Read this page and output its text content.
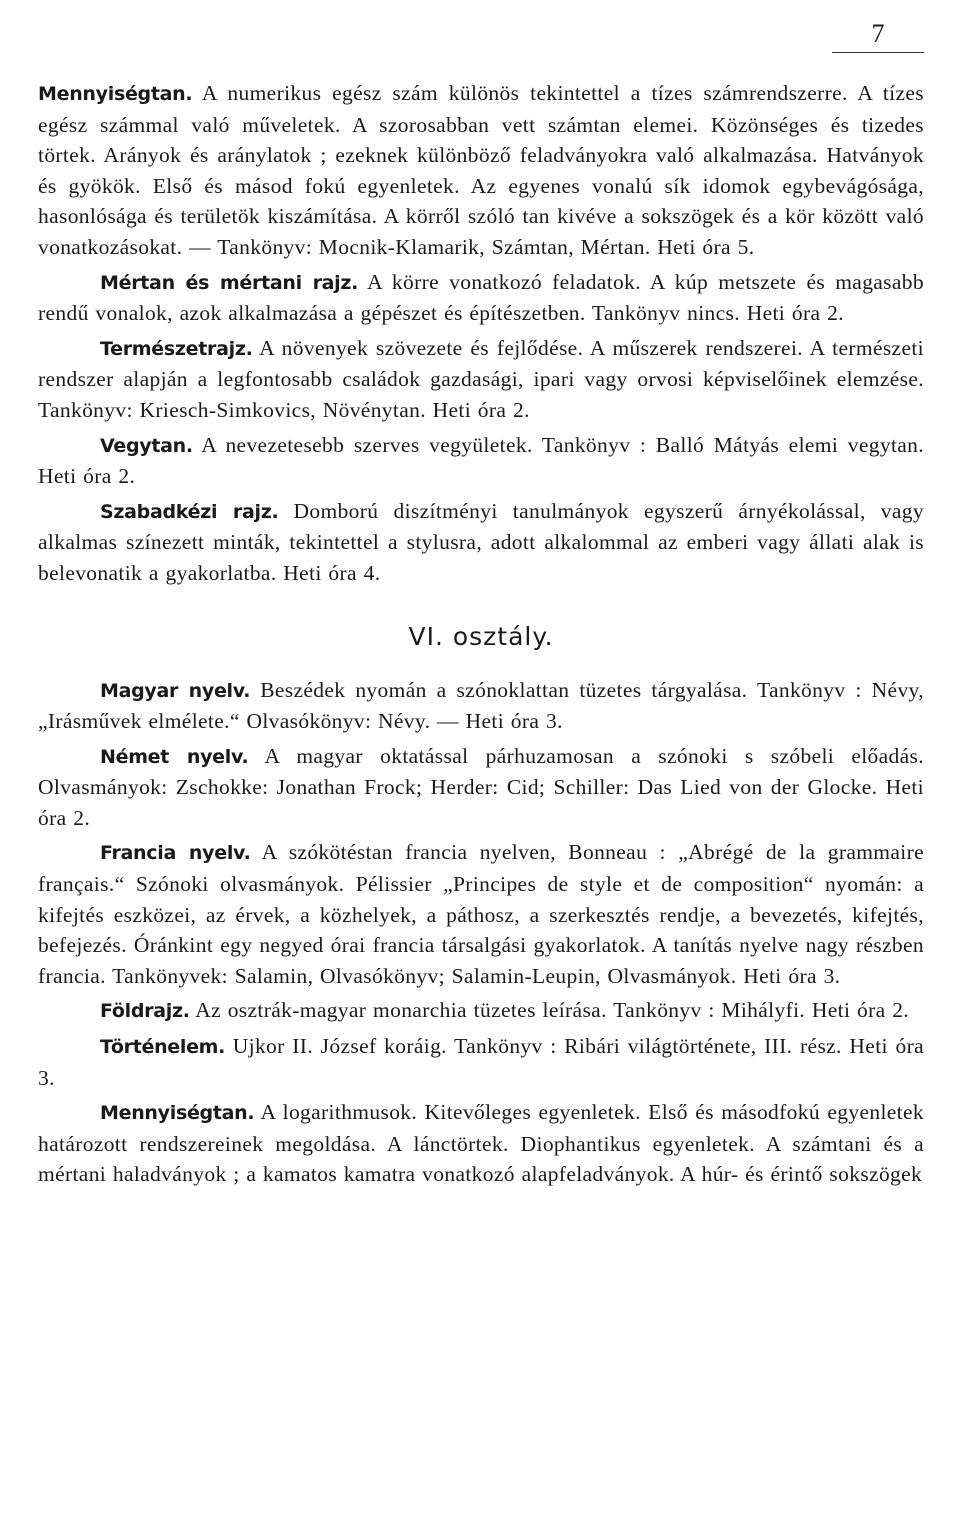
7

Mennyiségtan. A numerikus egész szám különös tekintettel a tízes számrendszerre. A tízes egész számmal való műveletek. A szorosabban vett számtan elemei. Közönséges és tizedes törtek. Arányok és aránylatok ; ezeknek különböző feladványokra való alkalmazása. Hatványok és gyökök. Első és másod fokú egyenletek. Az egyenes vonalú sík idomok egybevágósága, hasonlósága és területök kiszámítása. A körről szóló tan kivéve a sokszögek és a kör között való vonatkozásokat. — Tankönyv: Mocnik-Klamarik, Számtan, Mértan. Heti óra 5.

Mértan és mértani rajz. A körre vonatkozó feladatok. A kúp metszete és magasabb rendű vonalok, azok alkalmazása a gépészet és építészetben. Tankönyv nincs. Heti óra 2.

Természetrajz. A növenyek szövezete és fejlődése. A műszerek rendszerei. A természeti rendszer alapján a legfontosabb családok gazdasági, ipari vagy orvosi képviselőinek elemzése. Tankönyv: Kriesch-Simkovics, Növénytan. Heti óra 2.

Vegytan. A nevezetesebb szerves vegyületek. Tankönyv : Balló Mátyás elemi vegytan. Heti óra 2.

Szabadkézi rajz. Domború diszítményi tanulmányok egyszerű árnyékolással, vagy alkalmas színezett minták, tekintettel a stylusra, adott alkalommal az emberi vagy állati alak is belevonatik a gyakorlatba. Heti óra 4.

VI. osztály.

Magyar nyelv. Beszédek nyomán a szónoklattan tüzetes tárgyalása. Tankönyv : Névy, „Irásművek elmélete.“ Olvasókönyv: Névy. — Heti óra 3.

Német nyelv. A magyar oktatással párhuzamosan a szónoki s szóbeli előadás. Olvasmányok: Zschokke: Jonathan Frock; Herder: Cid; Schiller: Das Lied von der Glocke. Heti óra 2.

Francia nyelv. A szókötéstan francia nyelven, Bonneau : „Abrégé de la grammaire français.“ Szónoki olvasmányok. Pélissier „Principes de style et de composition“ nyomán: a kifejtés eszközei, az érvek, a közhelyek, a páthosz, a szerkesztés rendje, a bevezetés, kifejtés, befejezés. Óránkint egy negyed órai francia társalgási gyakorlatok. A tanítás nyelve nagy részben francia. Tankönyvek: Salamin, Olvasókönyv; Salamin-Leupin, Olvasmányok. Heti óra 3.

Földrajz. Az osztrák-magyar monarchia tüzetes leírása. Tankönyv : Mihályfi. Heti óra 2.

Történelem. Ujkor II. József koráig. Tankönyv : Ribári világtörténete, III. rész. Heti óra 3.

Mennyiségtan. A logarithmusok. Kitevőleges egyenletek. Első és másodfokú egyenletek határozott rendszereinek megoldása. A lánctörtek. Diophantikus egyenletek. A számtani és a mértani haladványok ; a kamatos kamatra vonatkozó alapfeladványok. A húr- és érintő sokszögek
